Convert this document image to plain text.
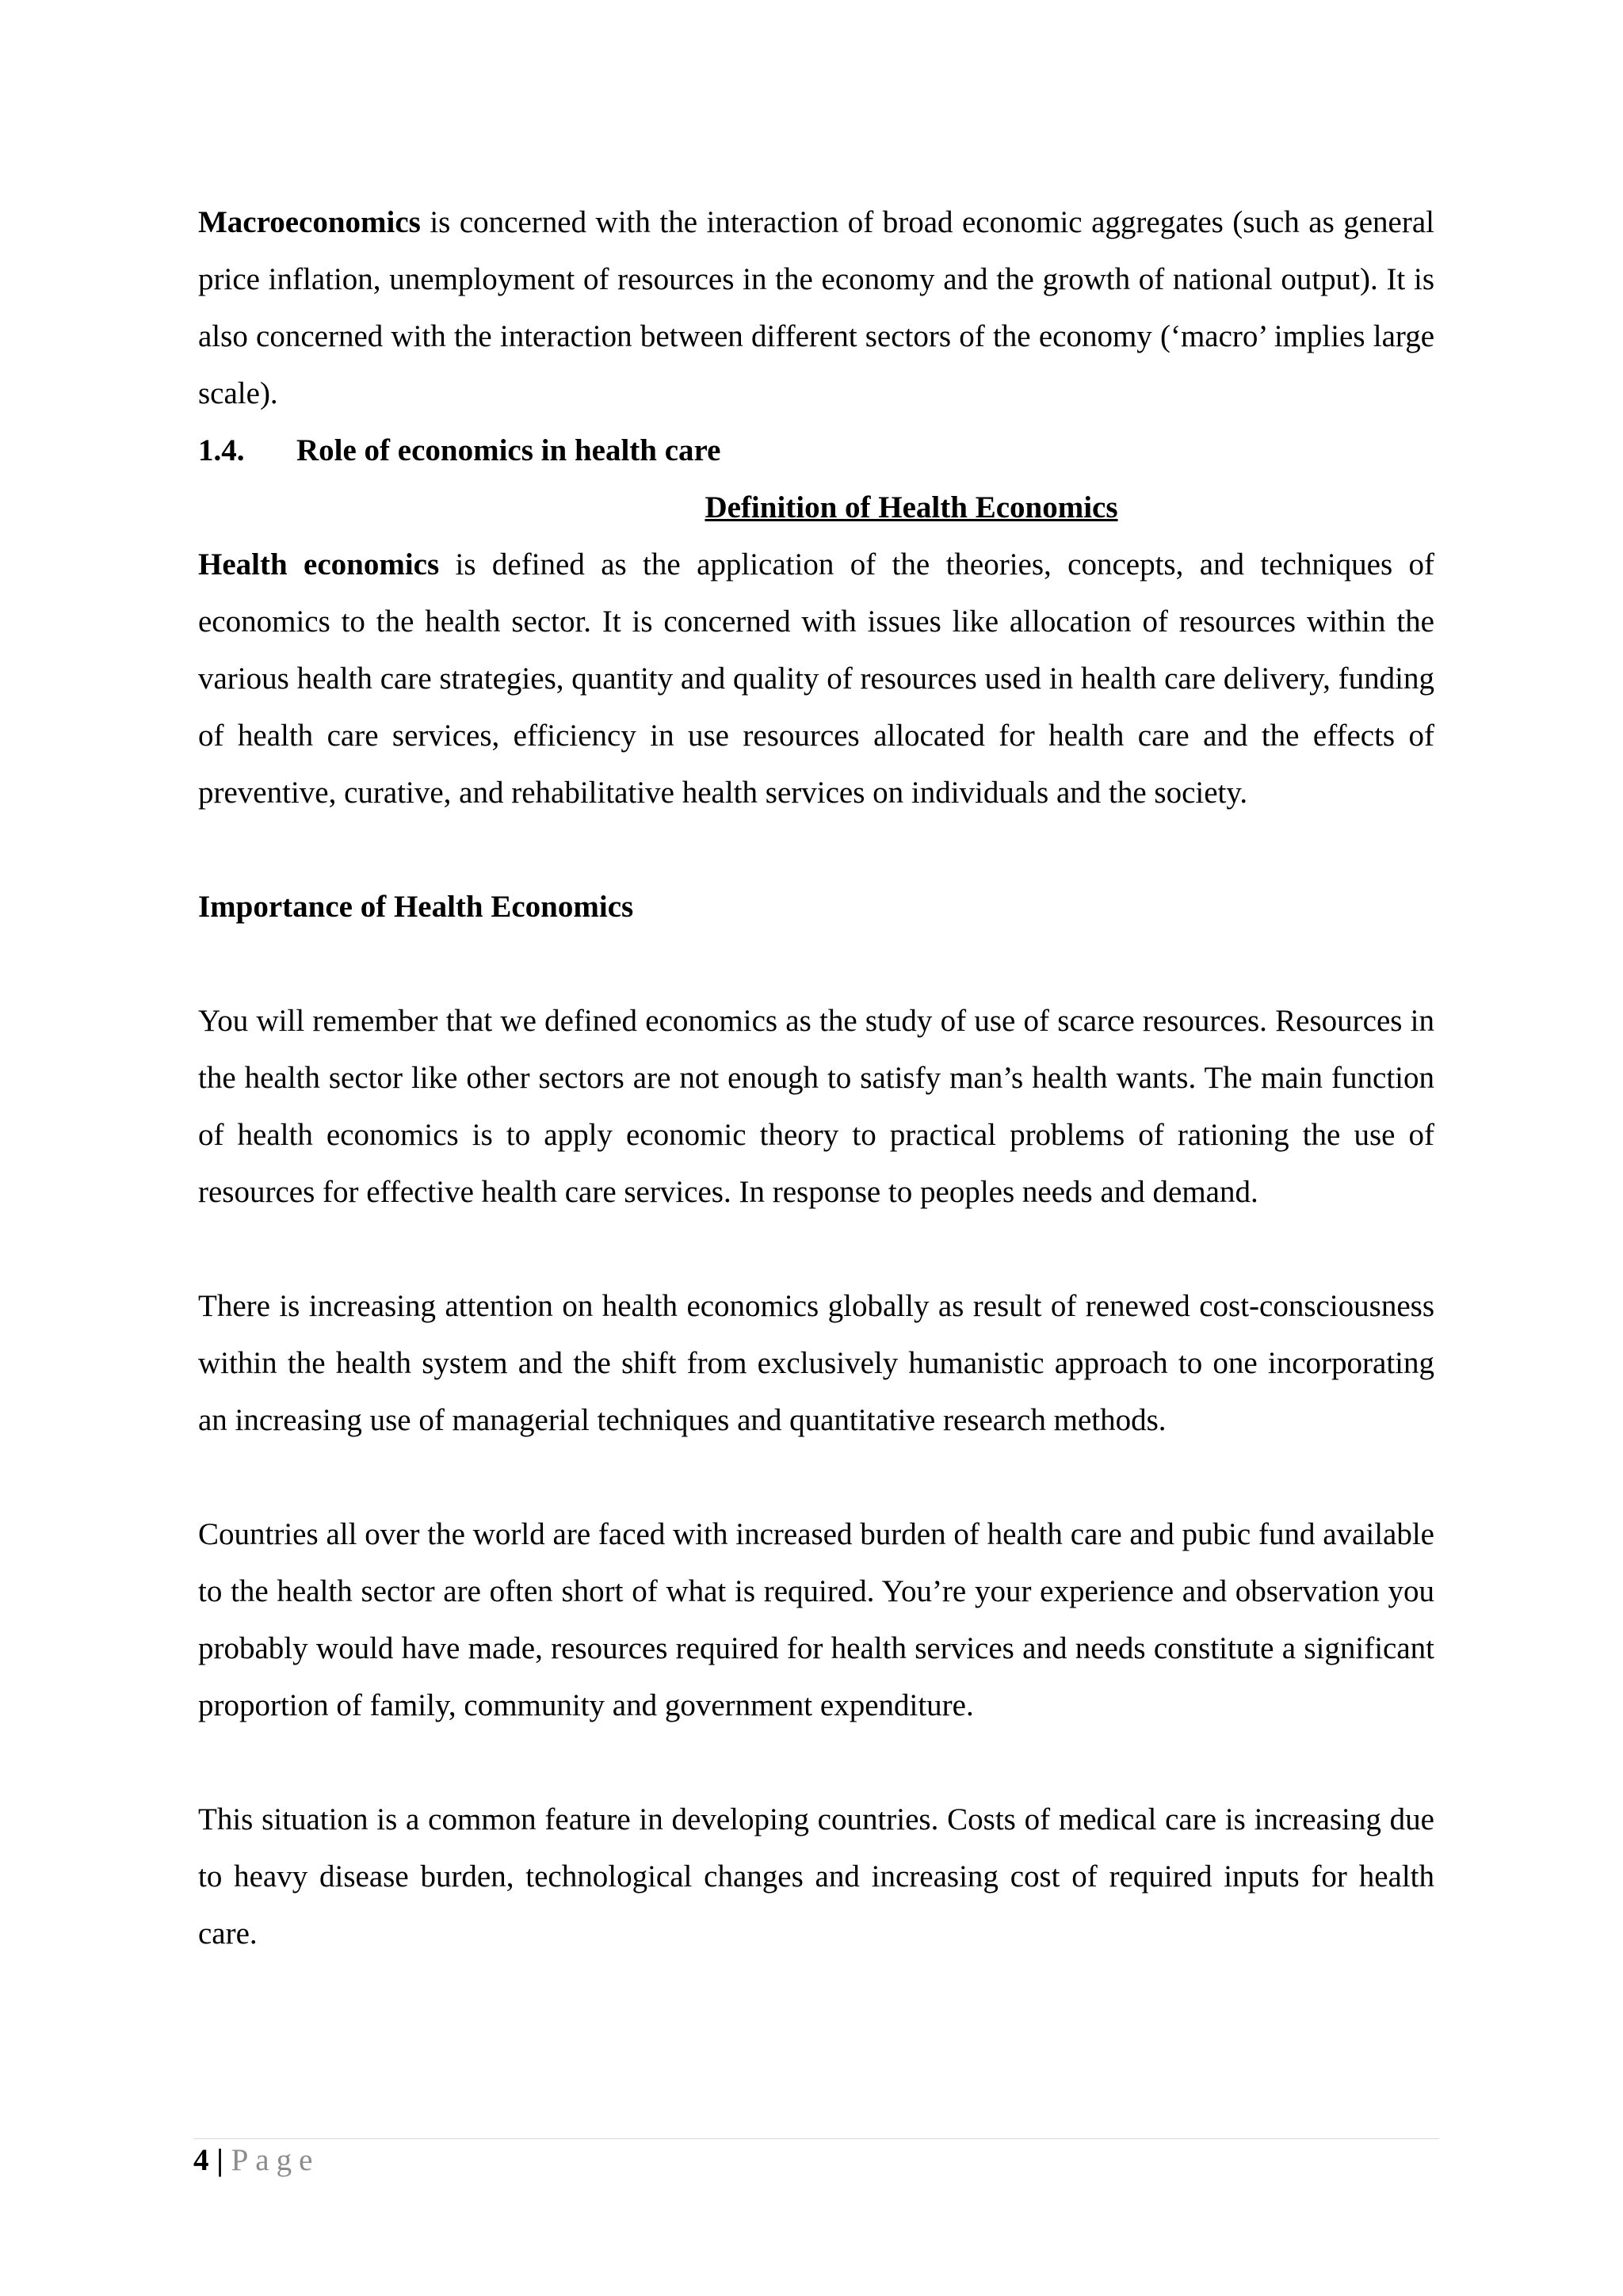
Macroeconomics is concerned with the interaction of broad economic aggregates (such as general price inflation, unemployment of resources in the economy and the growth of national output). It is also concerned with the interaction between different sectors of the economy (‘macro’ implies large scale).

1.4. Role of economics in health care

Definition of Health Economics

Health economics is defined as the application of the theories, concepts, and techniques of economics to the health sector. It is concerned with issues like allocation of resources within the various health care strategies, quantity and quality of resources used in health care delivery, funding of health care services, efficiency in use resources allocated for health care and the effects of preventive, curative, and rehabilitative health services on individuals and the society.

Importance of Health Economics

You will remember that we defined economics as the study of use of scarce resources. Resources in the health sector like other sectors are not enough to satisfy man’s health wants. The main function of health economics is to apply economic theory to practical problems of rationing the use of resources for effective health care services. In response to peoples needs and demand.

There is increasing attention on health economics globally as result of renewed cost-consciousness within the health system and the shift from exclusively humanistic approach to one incorporating an increasing use of managerial techniques and quantitative research methods.

Countries all over the world are faced with increased burden of health care and pubic fund available to the health sector are often short of what is required. You’re your experience and observation you probably would have made, resources required for health services and needs constitute a significant proportion of family, community and government expenditure.

This situation is a common feature in developing countries. Costs of medical care is increasing due to heavy disease burden, technological changes and increasing cost of required inputs for health care.

4 | Page
